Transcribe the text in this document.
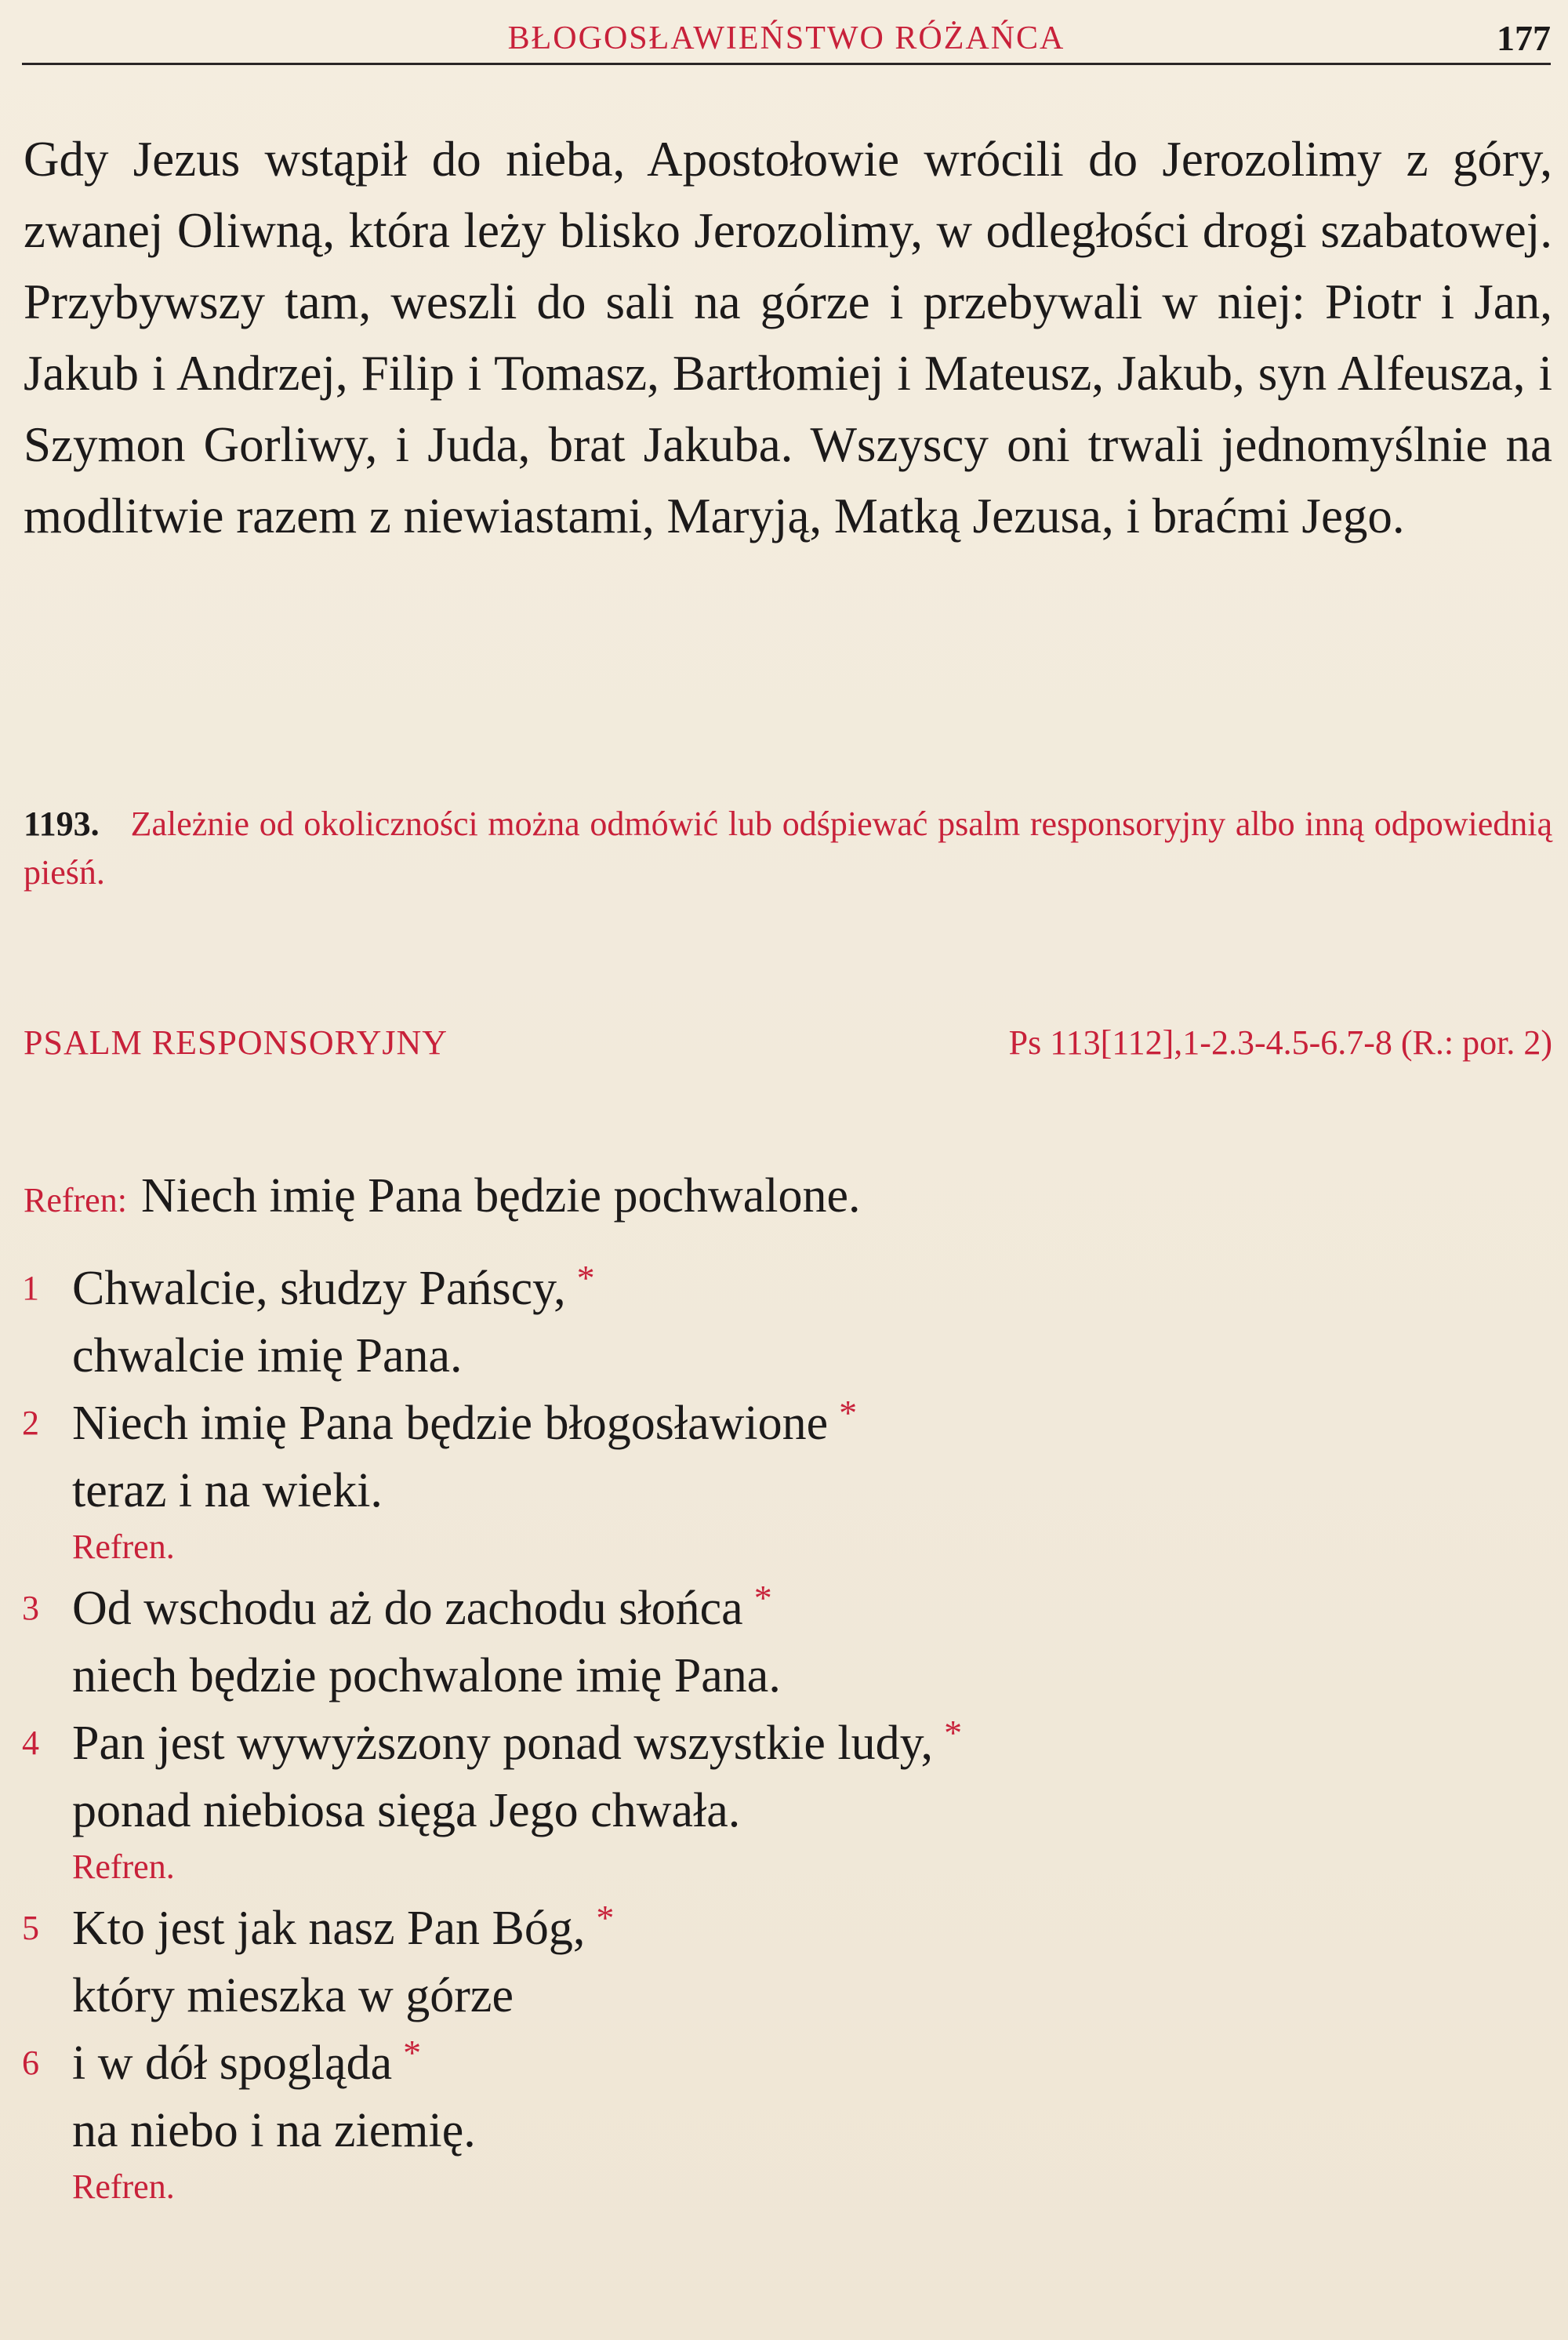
BŁOGOSŁAWIEŃSTWO RÓŻAŃCA	177

Gdy Jezus wstąpił do nieba, Apostołowie wrócili do Jerozolimy z góry, zwanej Oliwną, która leży blisko Jerozolimy, w odległości drogi szabatowej. Przybywszy tam, weszli do sali na górze i przebywali w niej: Piotr i Jan, Jakub i Andrzej, Filip i Tomasz, Bartłomiej i Mateusz, Jakub, syn Alfeusza, i Szymon Gorliwy, i Juda, brat Jakuba. Wszyscy oni trwali jednomyślnie na modlitwie razem z niewiastami, Maryją, Matką Jezusa, i braćmi Jego.

1193. Zależnie od okoliczności można odmówić lub odśpiewać psalm responsoryjny albo inną odpowiednią pieśń.

PSALM RESPONSORYJNY	Ps 113[112],1-2.3-4.5-6.7-8 (R.: por. 2)
Refren: Niech imię Pana będzie pochwalone.
1 Chwalcie, słudzy Pańscy, *
chwalcie imię Pana.
2 Niech imię Pana będzie błogosławione *
teraz i na wieki.
Refren.
3 Od wschodu aż do zachodu słońca *
niech będzie pochwalone imię Pana.
4 Pan jest wywyższony ponad wszystkie ludy, *
ponad niebiosa sięga Jego chwała.
Refren.
5 Kto jest jak nasz Pan Bóg, *
który mieszka w górze
6 i w dół spogląda *
na niebo i na ziemię.
Refren.
